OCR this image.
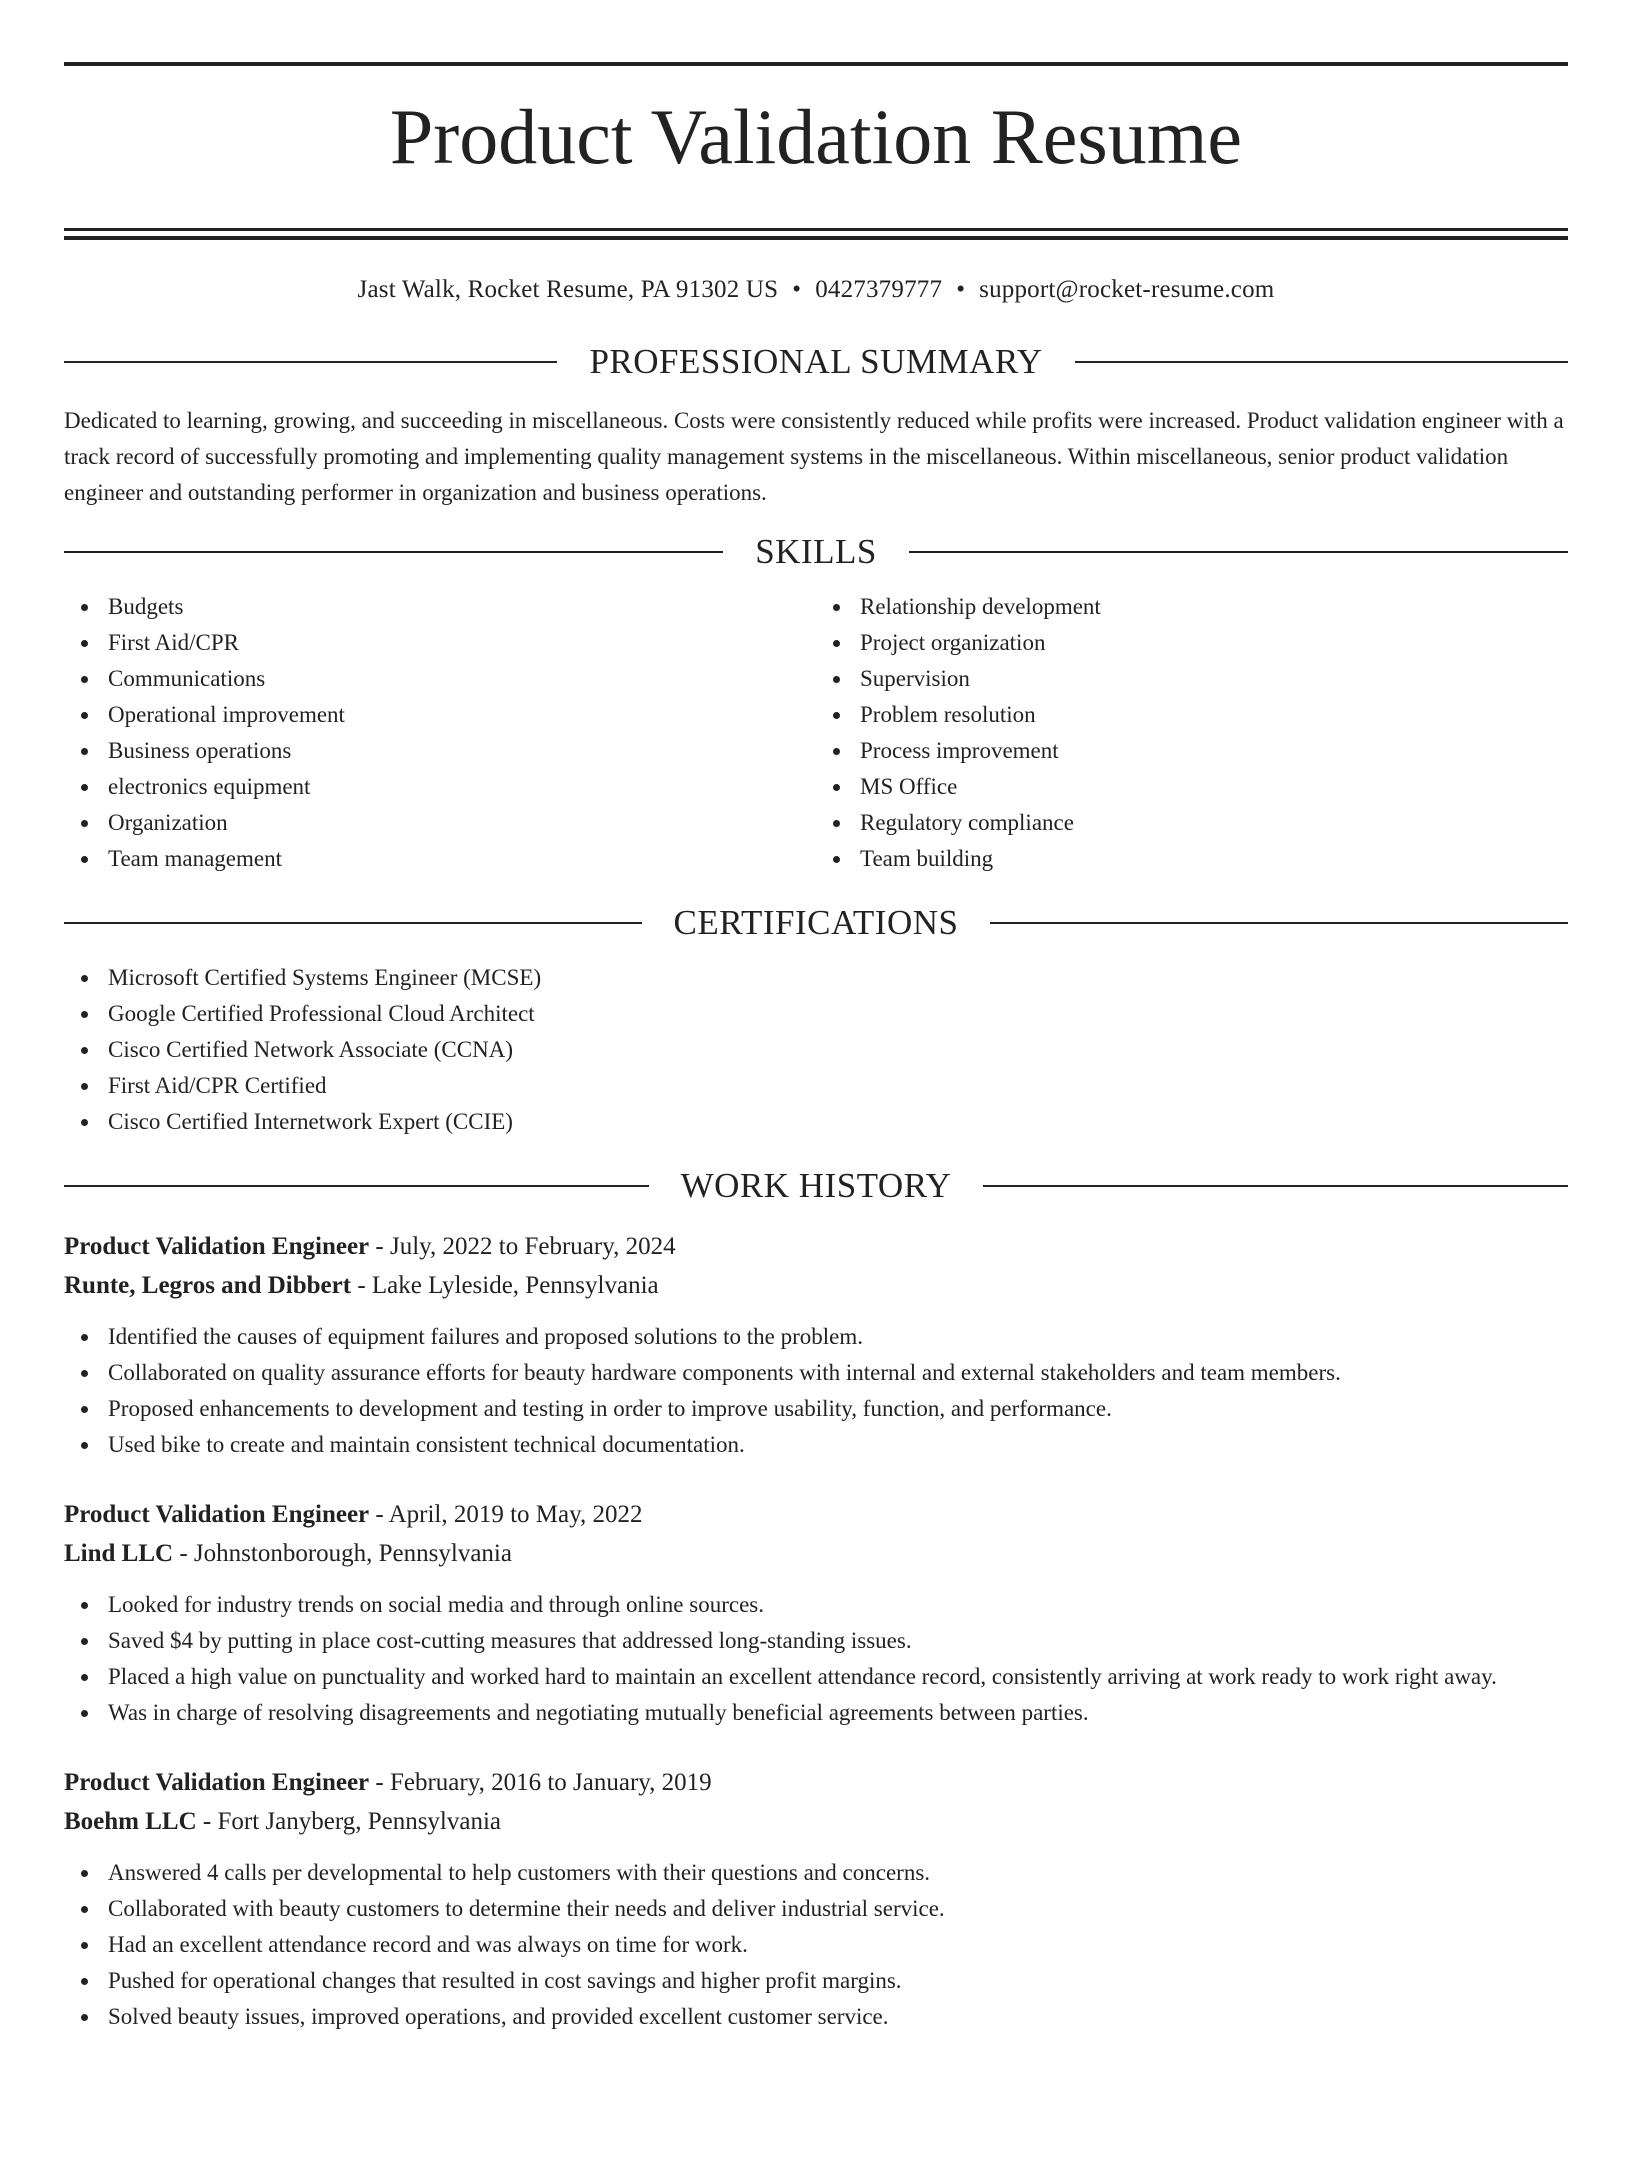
Product Validation Resume
Jast Walk, Rocket Resume, PA 91302 US • 0427379777 • support@rocket-resume.com
PROFESSIONAL SUMMARY

Dedicated to learning, growing, and succeeding in miscellaneous. Costs were consistently reduced while profits were increased. Product validation engineer with a track record of successfully promoting and implementing quality management systems in the miscellaneous. Within miscellaneous, senior product validation engineer and outstanding performer in organization and business operations.

SKILLS
Budgets
First Aid/CPR
Communications
Operational improvement
Business operations
electronics equipment
Organization
Team management
Relationship development
Project organization
Supervision
Problem resolution
Process improvement
MS Office
Regulatory compliance
Team building
CERTIFICATIONS
Microsoft Certified Systems Engineer (MCSE)
Google Certified Professional Cloud Architect
Cisco Certified Network Associate (CCNA)
First Aid/CPR Certified
Cisco Certified Internetwork Expert (CCIE)
WORK HISTORY
Product Validation Engineer - July, 2022 to February, 2024
Runte, Legros and Dibbert - Lake Lyleside, Pennsylvania
Identified the causes of equipment failures and proposed solutions to the problem.
Collaborated on quality assurance efforts for beauty hardware components with internal and external stakeholders and team members.
Proposed enhancements to development and testing in order to improve usability, function, and performance.
Used bike to create and maintain consistent technical documentation.
Product Validation Engineer - April, 2019 to May, 2022
Lind LLC - Johnstonborough, Pennsylvania
Looked for industry trends on social media and through online sources.
Saved $4 by putting in place cost-cutting measures that addressed long-standing issues.
Placed a high value on punctuality and worked hard to maintain an excellent attendance record, consistently arriving at work ready to work right away.
Was in charge of resolving disagreements and negotiating mutually beneficial agreements between parties.
Product Validation Engineer - February, 2016 to January, 2019
Boehm LLC - Fort Janyberg, Pennsylvania
Answered 4 calls per developmental to help customers with their questions and concerns.
Collaborated with beauty customers to determine their needs and deliver industrial service.
Had an excellent attendance record and was always on time for work.
Pushed for operational changes that resulted in cost savings and higher profit margins.
Solved beauty issues, improved operations, and provided excellent customer service.
